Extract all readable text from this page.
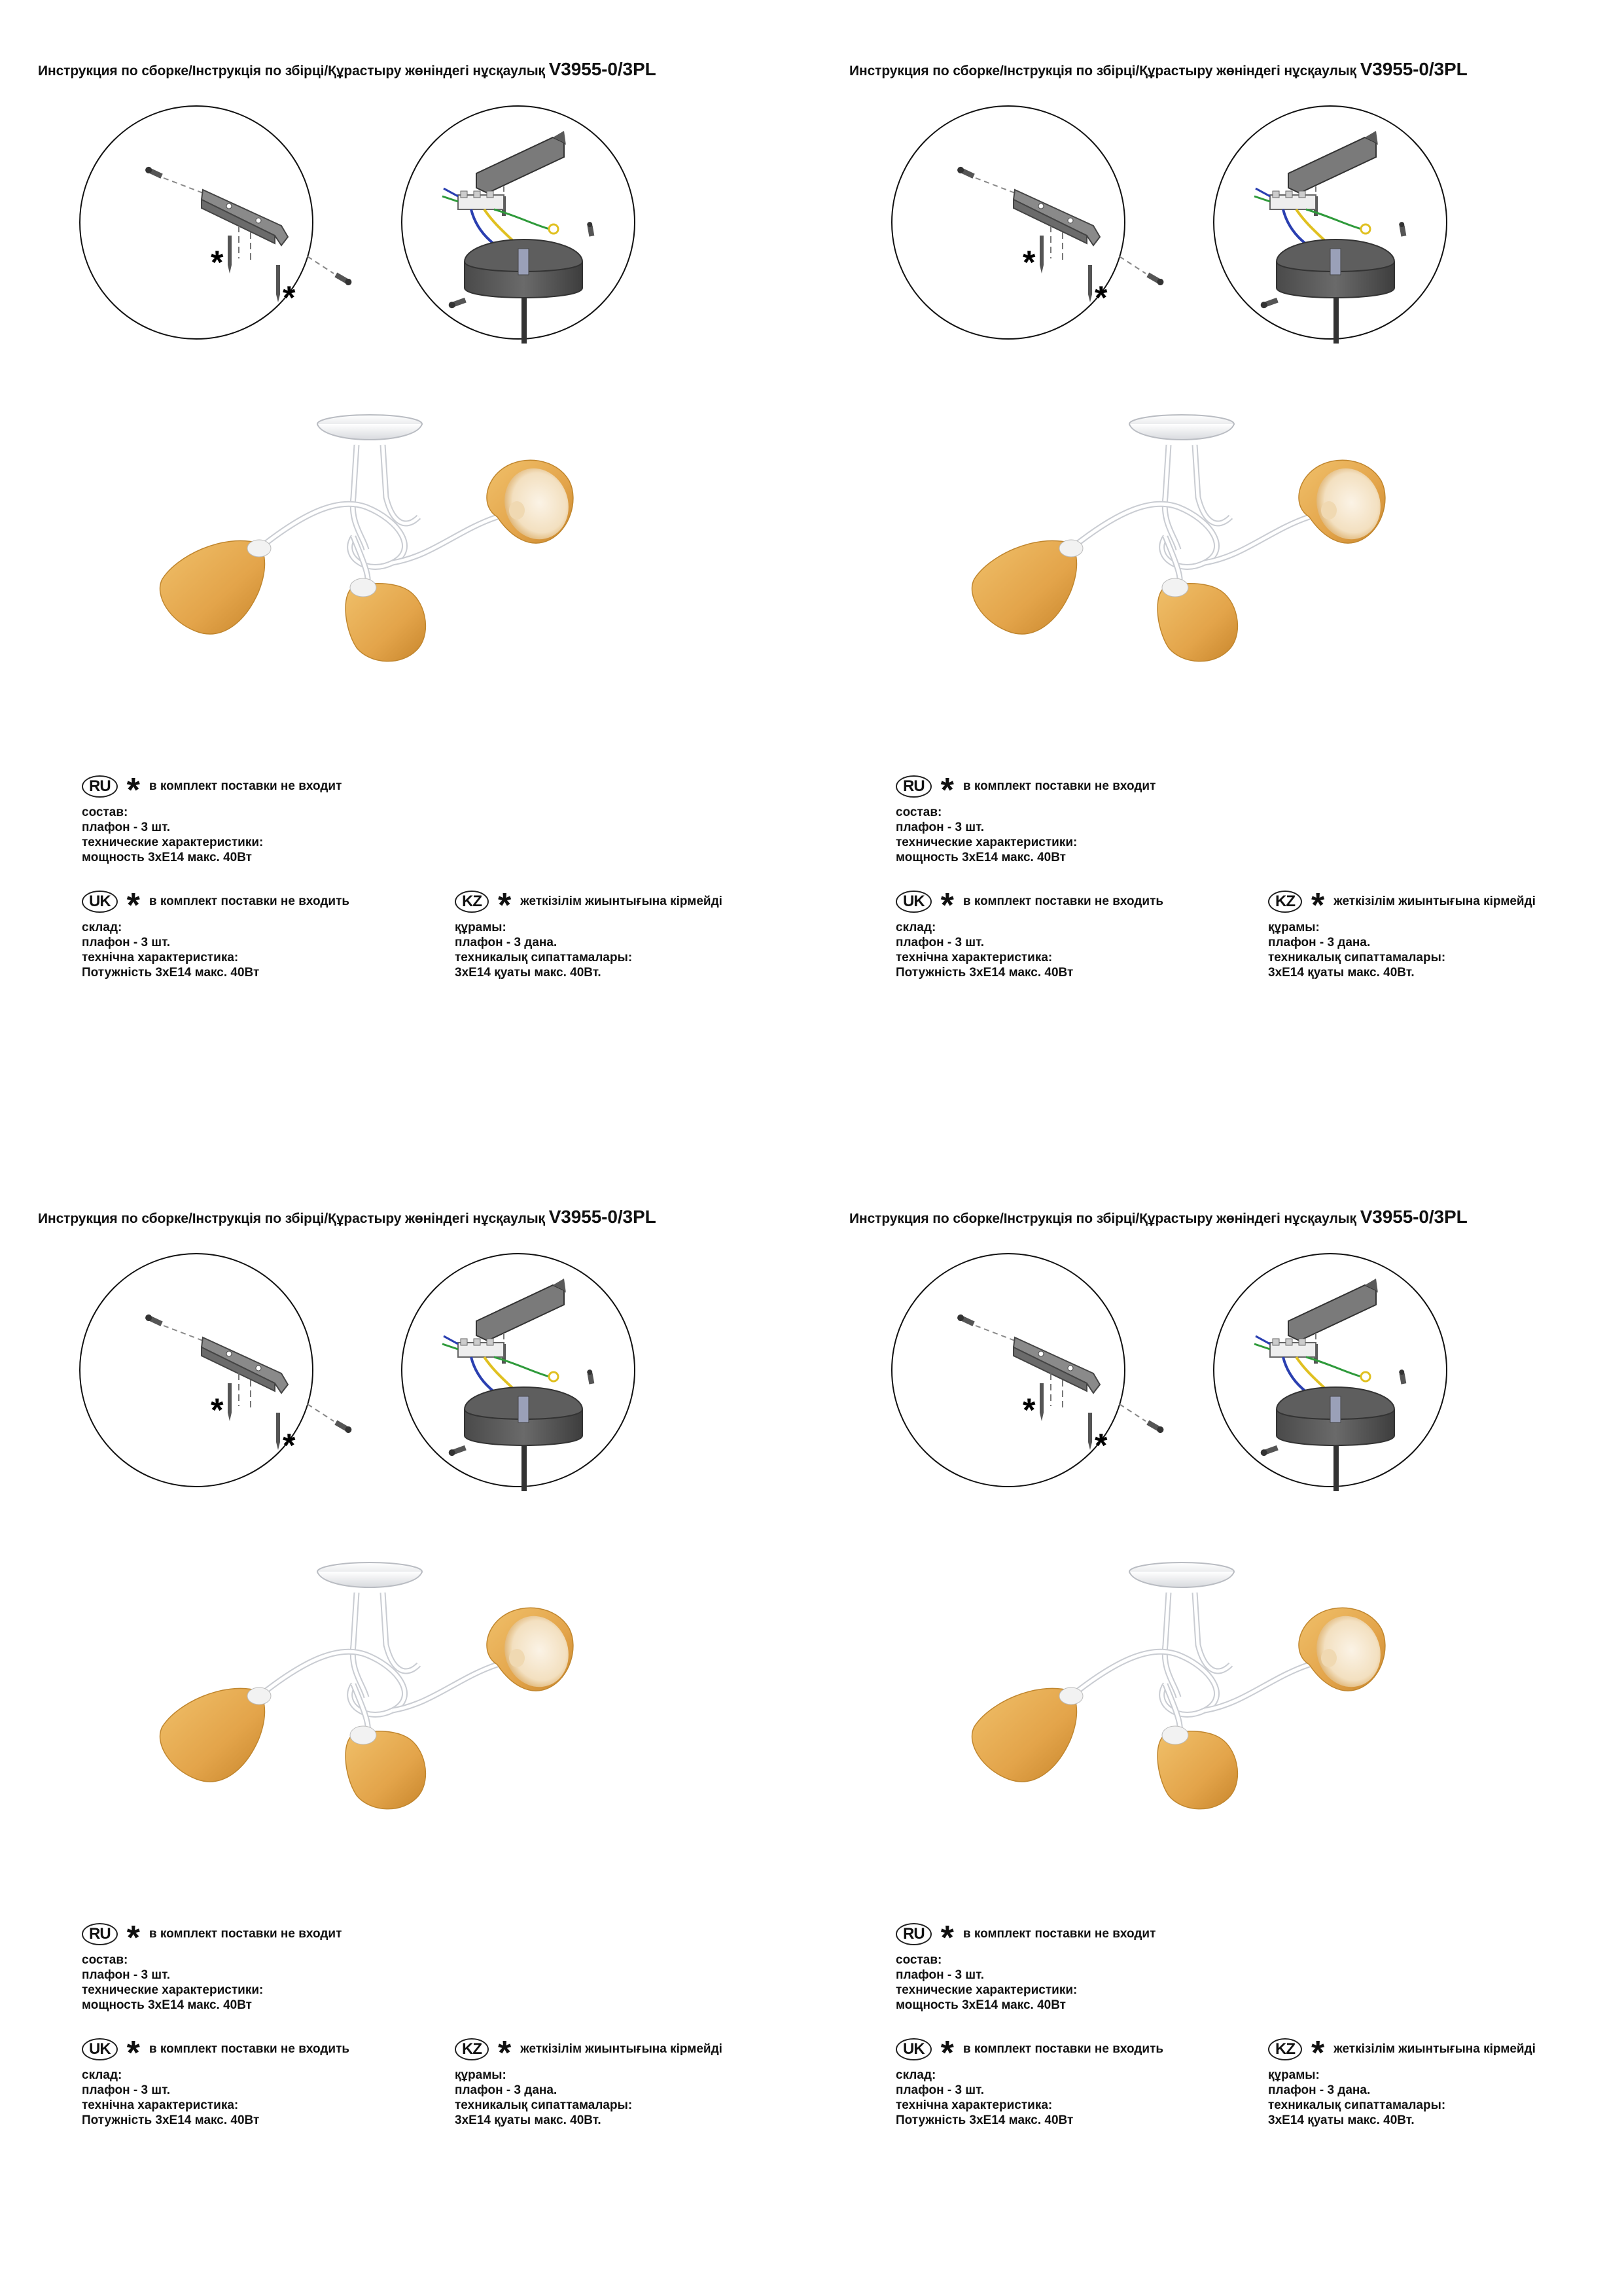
Инструкция по сборке/Інструкція по збірці/Құрастыру жөніндегі нұсқаулық V3955-0/3PL
RU * в комплект поставки не входит
состав:
плафон - 3 шт.
технические характеристики:
мощность 3хЕ14 макс. 40Вт
UK * в комплект поставки не входить
склад:
плафон - 3 шт.
технічна характеристика:
Потужність 3хЕ14 макс. 40Вт
KZ * жеткізілім жиынтығына кірмейді
құрамы:
плафон - 3 дана.
техникалық сипаттамалары:
3хЕ14 қуаты макс. 40Вт.
Инструкция по сборке/Інструкція по збірці/Құрастыру жөніндегі нұсқаулық V3955-0/3PL
RU * в комплект поставки не входит
состав:
плафон - 3 шт.
технические характеристики:
мощность 3хЕ14 макс. 40Вт
UK * в комплект поставки не входить
склад:
плафон - 3 шт.
технічна характеристика:
Потужність 3хЕ14 макс. 40Вт
KZ * жеткізілім жиынтығына кірмейді
құрамы:
плафон - 3 дана.
техникалық сипаттамалары:
3хЕ14 қуаты макс. 40Вт.
Инструкция по сборке/Інструкція по збірці/Құрастыру жөніндегі нұсқаулық V3955-0/3PL
RU * в комплект поставки не входит
состав:
плафон - 3 шт.
технические характеристики:
мощность 3хЕ14 макс. 40Вт
UK * в комплект поставки не входить
склад:
плафон - 3 шт.
технічна характеристика:
Потужність 3хЕ14 макс. 40Вт
KZ * жеткізілім жиынтығына кірмейді
құрамы:
плафон - 3 дана.
техникалық сипаттамалары:
3хЕ14 қуаты макс. 40Вт.
Инструкция по сборке/Інструкція по збірці/Құрастыру жөніндегі нұсқаулық V3955-0/3PL
RU * в комплект поставки не входит
состав:
плафон - 3 шт.
технические характеристики:
мощность 3хЕ14 макс. 40Вт
UK * в комплект поставки не входить
склад:
плафон - 3 шт.
технічна характеристика:
Потужність 3хЕ14 макс. 40Вт
KZ * жеткізілім жиынтығына кірмейді
құрамы:
плафон - 3 дана.
техникалық сипаттамалары:
3хЕ14 қуаты макс. 40Вт.
